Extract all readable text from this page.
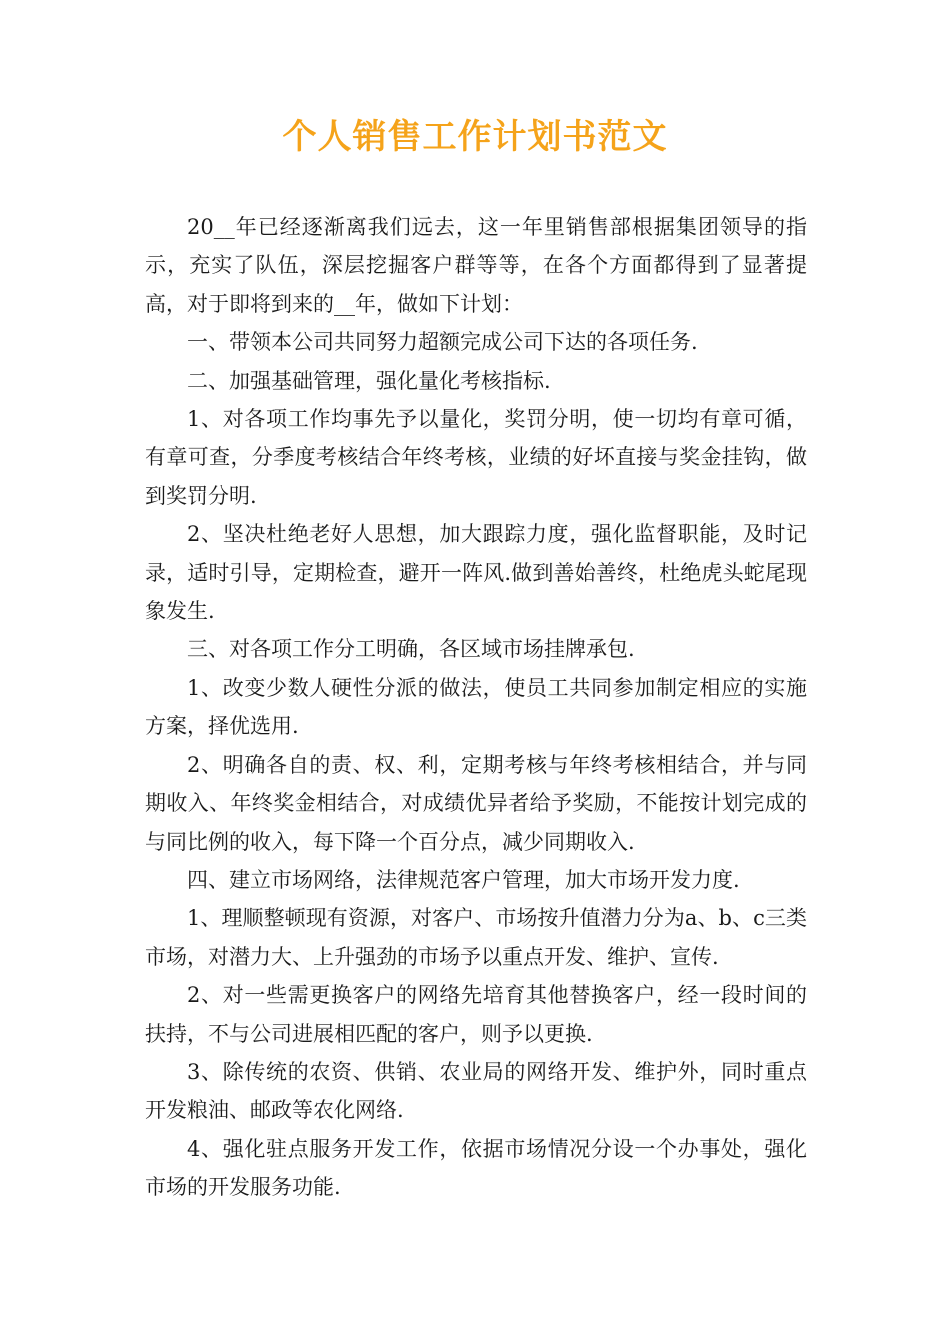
个人销售工作计划书范文

20__年已经逐渐离我们远去，这一年里销售部根据集团领导的指示，充实了队伍，深层挖掘客户群等等，在各个方面都得到了显著提高，对于即将到来的__年，做如下计划：

一、带领本公司共同努力超额完成公司下达的各项任务.

二、加强基础管理，强化量化考核指标.

1、对各项工作均事先予以量化，奖罚分明，使一切均有章可循，有章可查，分季度考核结合年终考核，业绩的好坏直接与奖金挂钩，做到奖罚分明.

2、坚决杜绝老好人思想，加大跟踪力度，强化监督职能，及时记录，适时引导，定期检查，避开一阵风.做到善始善终，杜绝虎头蛇尾现象发生.

三、对各项工作分工明确，各区域市场挂牌承包.

1、改变少数人硬性分派的做法，使员工共同参加制定相应的实施方案，择优选用.

2、明确各自的责、权、利，定期考核与年终考核相结合，并与同期收入、年终奖金相结合，对成绩优异者给予奖励，不能按计划完成的与同比例的收入，每下降一个百分点，减少同期收入.

四、建立市场网络，法律规范客户管理，加大市场开发力度.

1、理顺整顿现有资源，对客户、市场按升值潜力分为a、b、c三类市场，对潜力大、上升强劲的市场予以重点开发、维护、宣传.

2、对一些需更换客户的网络先培育其他替换客户，经一段时间的扶持，不与公司进展相匹配的客户，则予以更换.

3、除传统的农资、供销、农业局的网络开发、维护外，同时重点开发粮油、邮政等农化网络.

4、强化驻点服务开发工作，依据市场情况分设一个办事处，强化市场的开发服务功能.
